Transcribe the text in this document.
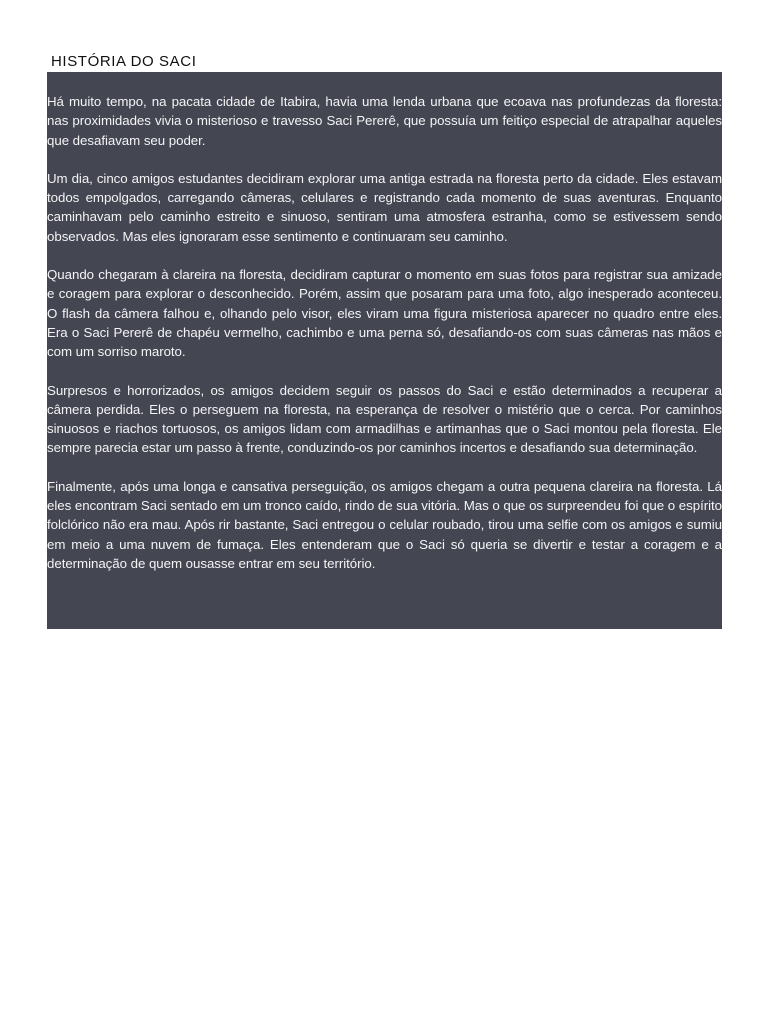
HISTÓRIA DO SACI

Há muito tempo, na pacata cidade de Itabira, havia uma lenda urbana que ecoava nas profundezas da floresta: nas proximidades vivia o misterioso e travesso Saci Pererê, que possuía um feitiço especial de atrapalhar aqueles que desafiavam seu poder.

Um dia, cinco amigos estudantes decidiram explorar uma antiga estrada na floresta perto da cidade. Eles estavam todos empolgados, carregando câmeras, celulares e registrando cada momento de suas aventuras. Enquanto caminhavam pelo caminho estreito e sinuoso, sentiram uma atmosfera estranha, como se estivessem sendo observados. Mas eles ignoraram esse sentimento e continuaram seu caminho.

Quando chegaram à clareira na floresta, decidiram capturar o momento em suas fotos para registrar sua amizade e coragem para explorar o desconhecido. Porém, assim que posaram para uma foto, algo inesperado aconteceu. O flash da câmera falhou e, olhando pelo visor, eles viram uma figura misteriosa aparecer no quadro entre eles. Era o Saci Pererê de chapéu vermelho, cachimbo e uma perna só, desafiando-os com suas câmeras nas mãos e com um sorriso maroto.

Surpresos e horrorizados, os amigos decidem seguir os passos do Saci e estão determinados a recuperar a câmera perdida. Eles o perseguem na floresta, na esperança de resolver o mistério que o cerca. Por caminhos sinuosos e riachos tortuosos, os amigos lidam com armadilhas e artimanhas que o Saci montou pela floresta. Ele sempre parecia estar um passo à frente, conduzindo-os por caminhos incertos e desafiando sua determinação.

Finalmente, após uma longa e cansativa perseguição, os amigos chegam a outra pequena clareira na floresta. Lá eles encontram Saci sentado em um tronco caído, rindo de sua vitória. Mas o que os surpreendeu foi que o espírito folclórico não era mau. Após rir bastante, Saci entregou o celular roubado, tirou uma selfie com os amigos e sumiu em meio a uma nuvem de fumaça. Eles entenderam que o Saci só queria se divertir e testar a coragem e a determinação de quem ousasse entrar em seu território.
